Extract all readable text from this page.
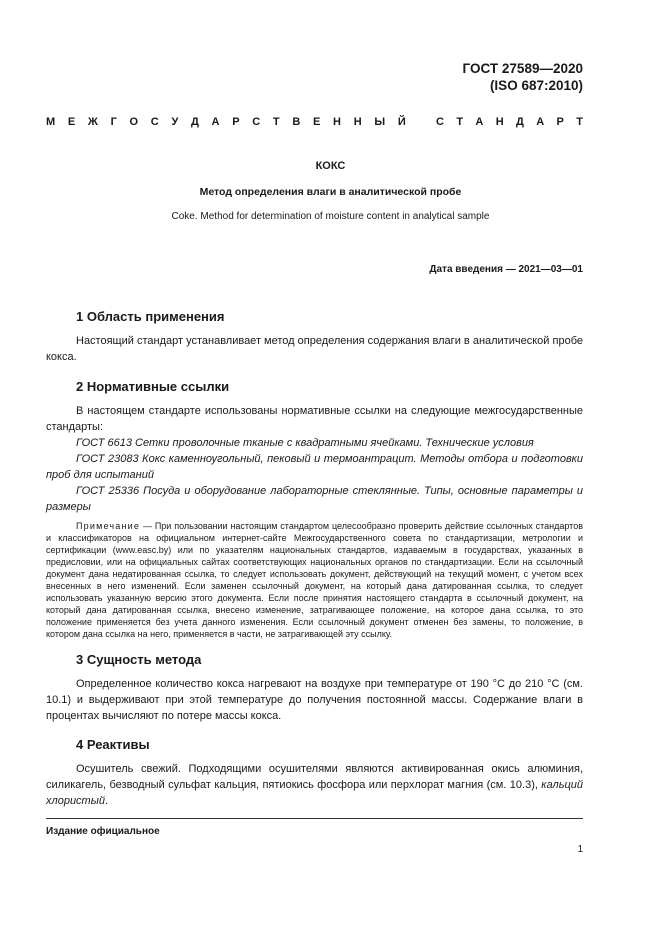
ГОСТ 27589—2020
(ISO 687:2010)
М Е Ж Г О С У Д А Р С Т В Е Н Н Ы Й	С Т А Н Д А Р Т
КОКС
Метод определения влаги в аналитической пробе
Coke. Method for determination of moisture content in analytical sample
Дата введения — 2021—03—01
1 Область применения

Настоящий стандарт устанавливает метод определения содержания влаги в аналитической пробе кокса.

2 Нормативные ссылки

В настоящем стандарте использованы нормативные ссылки на следующие межгосударственные стандарты:

ГОСТ 6613 Сетки проволочные тканые с квадратными ячейками. Технические условия

ГОСТ 23083 Кокс каменноугольный, пековый и термоантрацит. Методы отбора и подготовки проб для испытаний

ГОСТ 25336 Посуда и оборудование лабораторные стеклянные. Типы, основные параметры и размеры

Примечание — При пользовании настоящим стандартом целесообразно проверить действие ссылочных стандартов и классификаторов на официальном интернет-сайте Межгосударственного совета по стандартизации, метрологии и сертификации (www.easc.by) или по указателям национальных стандартов, издаваемым в государствах, указанных в предисловии, или на официальных сайтах соответствующих национальных органов по стандартизации. Если на ссылочный документ дана недатированная ссылка, то следует использовать документ, действующий на текущий момент, с учетом всех внесенных в него изменений. Если заменен ссылочный документ, на который дана датированная ссылка, то следует использовать указанную версию этого документа. Если после принятия настоящего стандарта в ссылочный документ, на который дана датированная ссылка, внесено изменение, затрагивающее положение, на которое дана ссылка, то это положение применяется без учета данного изменения. Если ссылочный документ отменен без замены, то положение, в котором дана ссылка на него, применяется в части, не затрагивающей эту ссылку.

3 Сущность метода

Определенное количество кокса нагревают на воздухе при температуре от 190 °С до 210 °С (см. 10.1) и выдерживают при этой температуре до получения постоянной массы. Содержание влаги в процентах вычисляют по потере массы кокса.

4 Реактивы

Осушитель свежий. Подходящими осушителями являются активированная окись алюминия, силикагель, безводный сульфат кальция, пятиокись фосфора или перхлорат магния (см. 10.3), кальций хлористый.

Издание официальное
1
